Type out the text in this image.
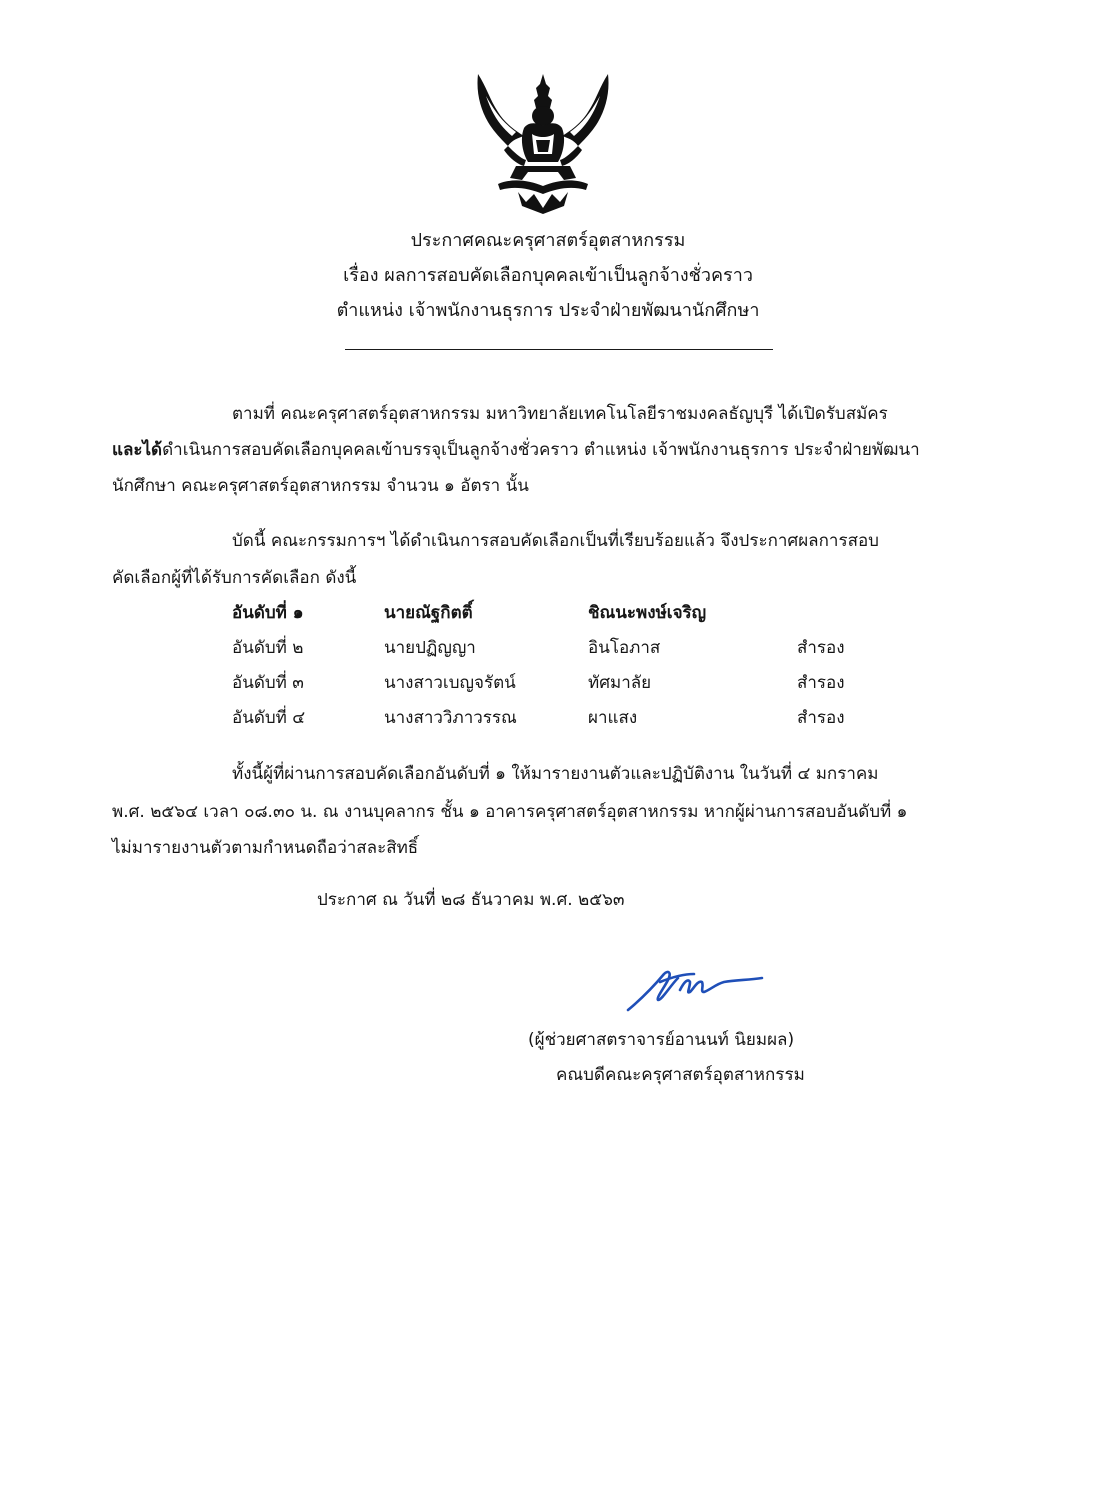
ประกาศคณะครุศาสตร์อุตสาหกรรม
เรื่อง ผลการสอบคัดเลือกบุคคลเข้าเป็นลูกจ้างชั่วคราว
ตำแหน่ง เจ้าพนักงานธุรการ ประจำฝ่ายพัฒนานักศึกษา
ตามที่ คณะครุศาสตร์อุตสาหกรรม มหาวิทยาลัยเทคโนโลยีราชมงคลธัญบุรี ได้เปิดรับสมัคร
และได้ดำเนินการสอบคัดเลือกบุคคลเข้าบรรจุเป็นลูกจ้างชั่วคราว ตำแหน่ง เจ้าพนักงานธุรการ ประจำฝ่ายพัฒนา
นักศึกษา คณะครุศาสตร์อุตสาหกรรม จำนวน ๑ อัตรา นั้น
บัดนี้ คณะกรรมการฯ ได้ดำเนินการสอบคัดเลือกเป็นที่เรียบร้อยแล้ว จึงประกาศผลการสอบ
คัดเลือกผู้ที่ได้รับการคัดเลือก ดังนี้
อันดับที่ ๑	นายณัฐกิตติ์	ชิณนะพงษ์เจริญ
อันดับที่ ๒	นายปฏิญญา	อินโอภาส	สำรอง
อันดับที่ ๓	นางสาวเบญจรัตน์	ทัศมาลัย	สำรอง
อันดับที่ ๔	นางสาววิภาวรรณ	ผาแสง	สำรอง
ทั้งนี้ผู้ที่ผ่านการสอบคัดเลือกอันดับที่ ๑ ให้มารายงานตัวและปฏิบัติงาน ในวันที่ ๔ มกราคม
พ.ศ. ๒๕๖๔ เวลา ๐๘.๓๐ น. ณ งานบุคลากร ชั้น ๑ อาคารครุศาสตร์อุตสาหกรรม หากผู้ผ่านการสอบอันดับที่ ๑
ไม่มารายงานตัวตามกำหนดถือว่าสละสิทธิ์
ประกาศ ณ วันที่ ๒๘ ธันวาคม พ.ศ. ๒๕๖๓
(ผู้ช่วยศาสตราจารย์อานนท์ นิยมผล)
คณบดีคณะครุศาสตร์อุตสาหกรรม
